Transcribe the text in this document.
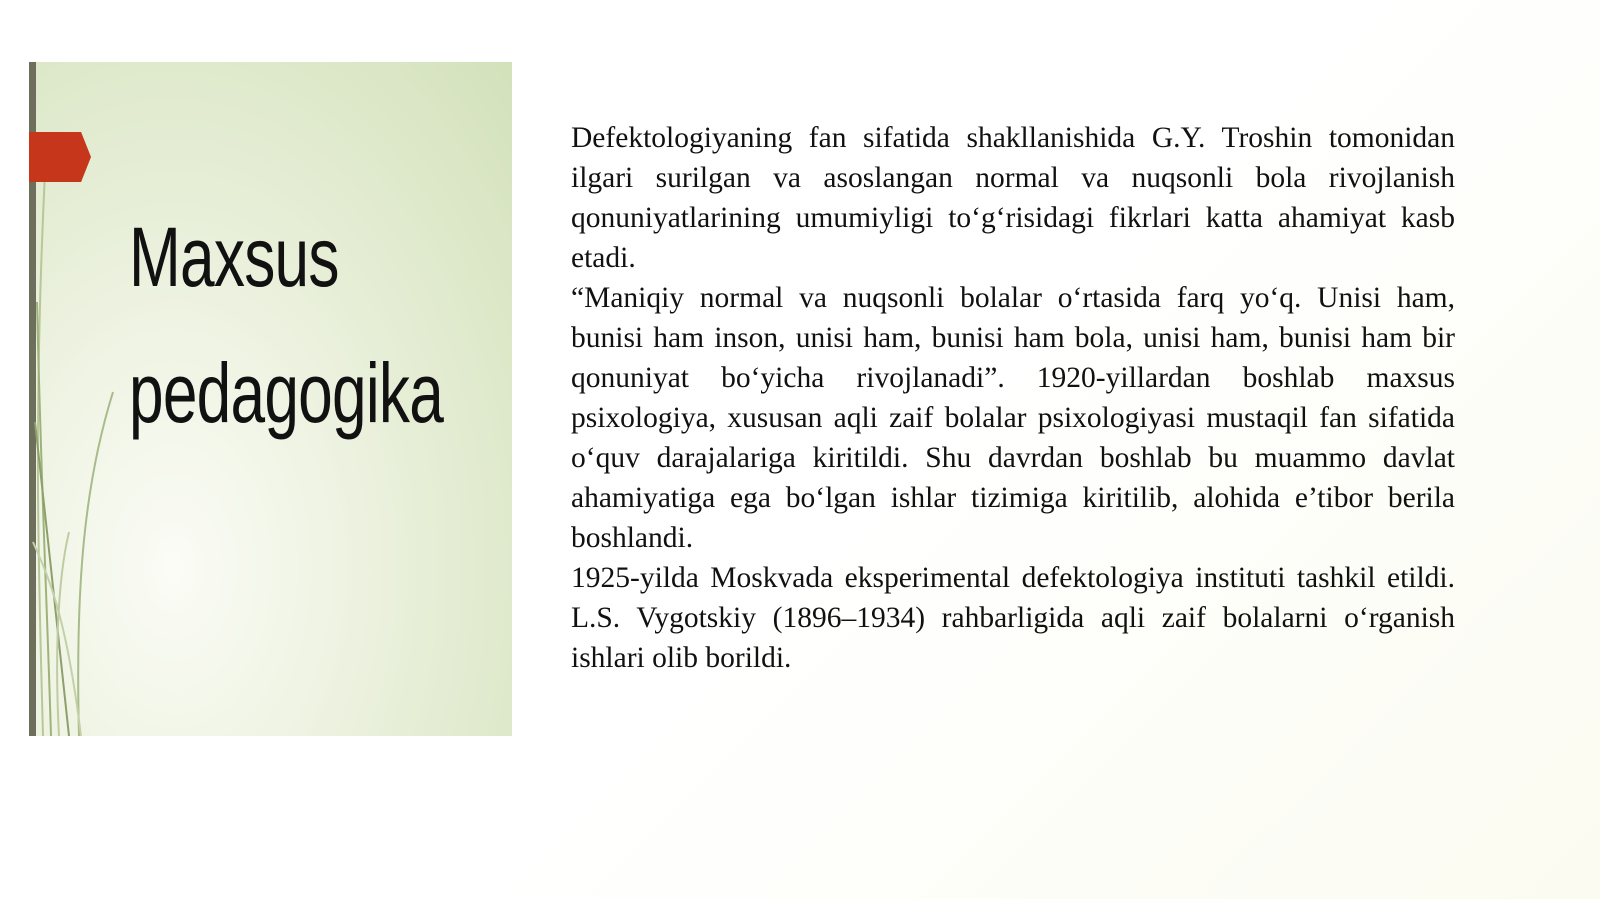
Maxsus
pedagogika

Defektologiyaning fan sifatida shakllanishida G.Y. Troshin tomonidan ilgari surilgan va asoslangan normal va nuqsonli bola rivojlanish qonuniyatlarining umumiyligi to‘g‘risidagi fikrlari katta ahamiyat kasb etadi.

“Maniqiy normal va nuqsonli bolalar o‘rtasida farq yo‘q. Unisi ham, bunisi ham inson, unisi ham, bunisi ham bola, unisi ham, bunisi ham bir qonuniyat bo‘yicha rivojlanadi”. 1920-yillardan boshlab maxsus psixologiya, xususan aqli zaif bolalar psixologiyasi mustaqil fan sifatida o‘quv darajalariga kiritildi. Shu davrdan boshlab bu muammo davlat ahamiyatiga ega bo‘lgan ishlar tizimiga kiritilib, alohida e’tibor berila boshlandi.

1925-yilda Moskvada eksperimental defektologiya instituti tashkil etildi. L.S. Vygotskiy (1896–1934) rahbarligida aqli zaif bolalarni o‘rganish ishlari olib borildi.
